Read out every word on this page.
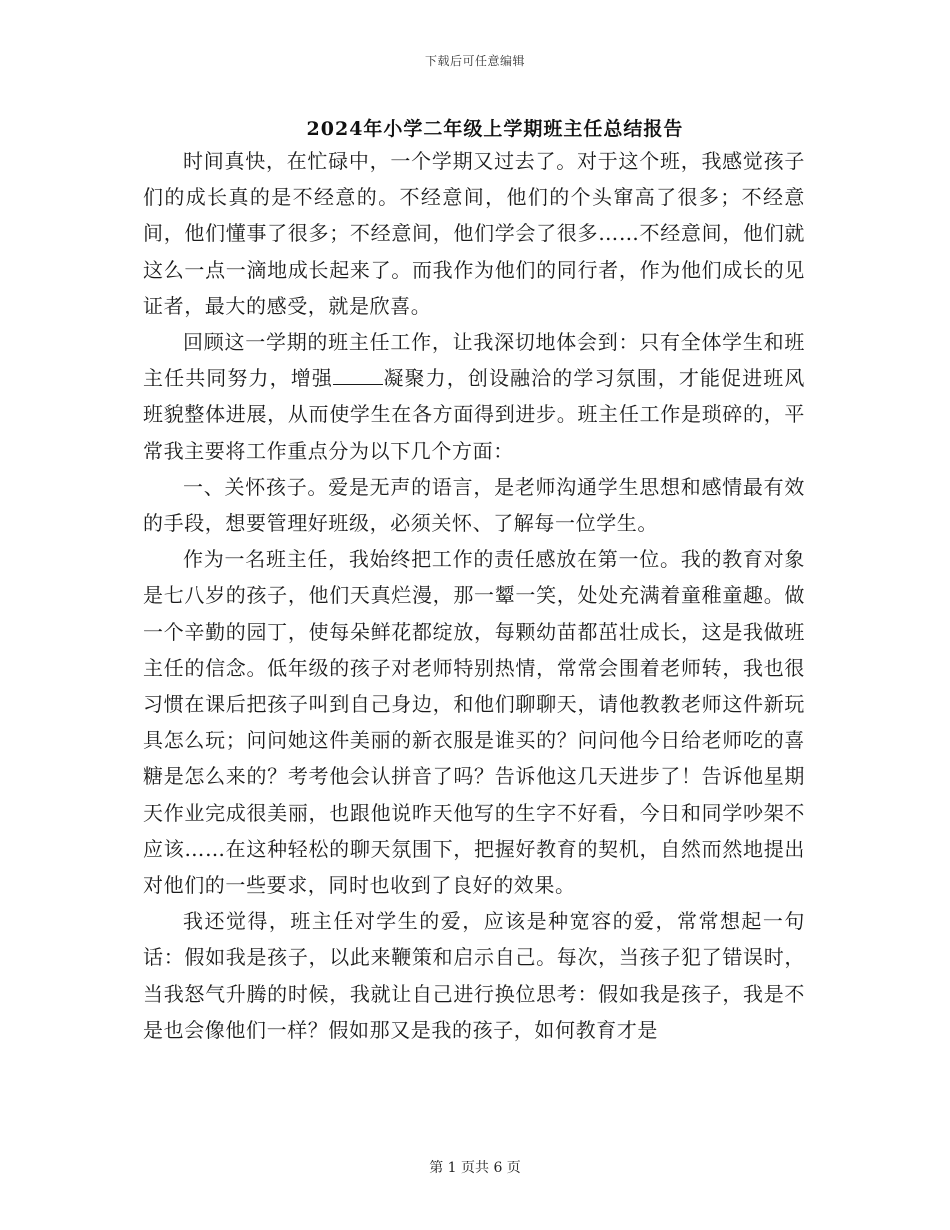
下载后可任意编辑
2024年小学二年级上学期班主任总结报告

时间真快，在忙碌中，一个学期又过去了。对于这个班，我感觉孩子们的成长真的是不经意的。不经意间，他们的个头窜高了很多；不经意间，他们懂事了很多；不经意间，他们学会了很多……不经意间，他们就这么一点一滴地成长起来了。而我作为他们的同行者，作为他们成长的见证者，最大的感受，就是欣喜。

回顾这一学期的班主任工作，让我深切地体会到：只有全体学生和班主任共同努力，增强	凝聚力，创设融洽的学习氛围，才能促进班风班貌整体进展，从而使学生在各方面得到进步。班主任工作是琐碎的，平常我主要将工作重点分为以下几个方面：

一、关怀孩子。爱是无声的语言，是老师沟通学生思想和感情最有效的手段，想要管理好班级，必须关怀、了解每一位学生。

作为一名班主任，我始终把工作的责任感放在第一位。我的教育对象是七八岁的孩子，他们天真烂漫，那一颦一笑，处处充满着童稚童趣。做一个辛勤的园丁，使每朵鲜花都绽放，每颗幼苗都茁壮成长，这是我做班主任的信念。低年级的孩子对老师特别热情，常常会围着老师转，我也很习惯在课后把孩子叫到自己身边，和他们聊聊天，请他教教老师这件新玩具怎么玩；问问她这件美丽的新衣服是谁买的？问问他今日给老师吃的喜糖是怎么来的？考考他会认拼音了吗？告诉他这几天进步了！告诉他星期天作业完成很美丽，也跟他说昨天他写的生字不好看，今日和同学吵架不应该……在这种轻松的聊天氛围下，把握好教育的契机，自然而然地提出对他们的一些要求，同时也收到了良好的效果。

我还觉得，班主任对学生的爱，应该是种宽容的爱，常常想起一句话：假如我是孩子，以此来鞭策和启示自己。每次，当孩子犯了错误时，当我怒气升腾的时候，我就让自己进行换位思考：假如我是孩子，我是不是也会像他们一样？假如那又是我的孩子，如何教育才是

第 1 页共 6 页
